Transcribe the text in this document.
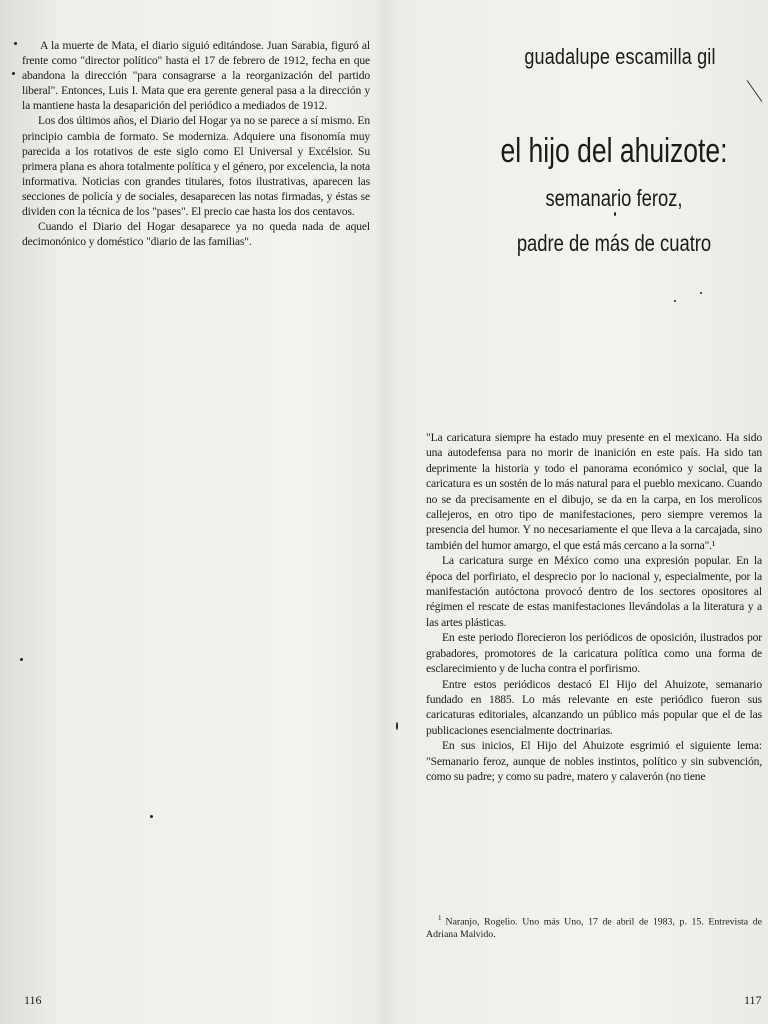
A la muerte de Mata, el diario siguió editándose. Juan Sarabia, figuró al frente como "director político" hasta el 17 de febrero de 1912, fecha en que abandona la dirección "para consagrarse a la reorganización del partido liberal". Entonces, Luis I. Mata que era gerente general pasa a la dirección y la mantiene hasta la desaparición del periódico a mediados de 1912.

Los dos últimos años, el Diario del Hogar ya no se parece a sí mismo. En principio cambia de formato. Se moderniza. Adquiere una fisonomía muy parecida a los rotativos de este siglo como El Universal y Excélsior. Su primera plana es ahora totalmente política y el género, por excelencia, la nota informativa. Noticias con grandes titulares, fotos ilustrativas, aparecen las secciones de policía y de sociales, desaparecen las notas firmadas, y éstas se dividen con la técnica de los "pases". El precio cae hasta los dos centavos.

Cuando el Diario del Hogar desaparece ya no queda nada de aquel decimonónico y doméstico "diario de las familias".

116
guadalupe escamilla gil
el hijo del ahuizote:
semanario feroz,
padre de más de cuatro

"La caricatura siempre ha estado muy presente en el mexicano. Ha sido una autodefensa para no morir de inanición en este país. Ha sido tan deprimente la historia y todo el panorama económico y social, que la caricatura es un sostén de lo más natural para el pueblo mexicano. Cuando no se da precisamente en el dibujo, se da en la carpa, en los merolicos callejeros, en otro tipo de manifestaciones, pero siempre veremos la presencia del humor. Y no necesariamente el que lleva a la carcajada, sino también del humor amargo, el que está más cercano a la sorna".¹

La caricatura surge en México como una expresión popular. En la época del porfiriato, el desprecio por lo nacional y, especialmente, por la manifestación autóctona provocó dentro de los sectores opositores al régimen el rescate de estas manifestaciones llevándolas a la literatura y a las artes plásticas.

En este periodo florecieron los periódicos de oposición, ilustrados por grabadores, promotores de la caricatura política como una forma de esclarecimiento y de lucha contra el porfirismo.

Entre estos periódicos destacó El Hijo del Ahuizote, semanario fundado en 1885. Lo más relevante en este periódico fueron sus caricaturas editoriales, alcanzando un público más popular que el de las publicaciones esencialmente doctrinarias.

En sus inicios, El Hijo del Ahuizote esgrimió el siguiente lema: "Semanario feroz, aunque de nobles instintos, político y sin subvención, como su padre; y como su padre, matero y calaverón (no tiene

$^1$ Naranjo, Rogelio. Uno más Uno, 17 de abril de 1983, p. 15. Entrevista de Adriana Malvido.
117
